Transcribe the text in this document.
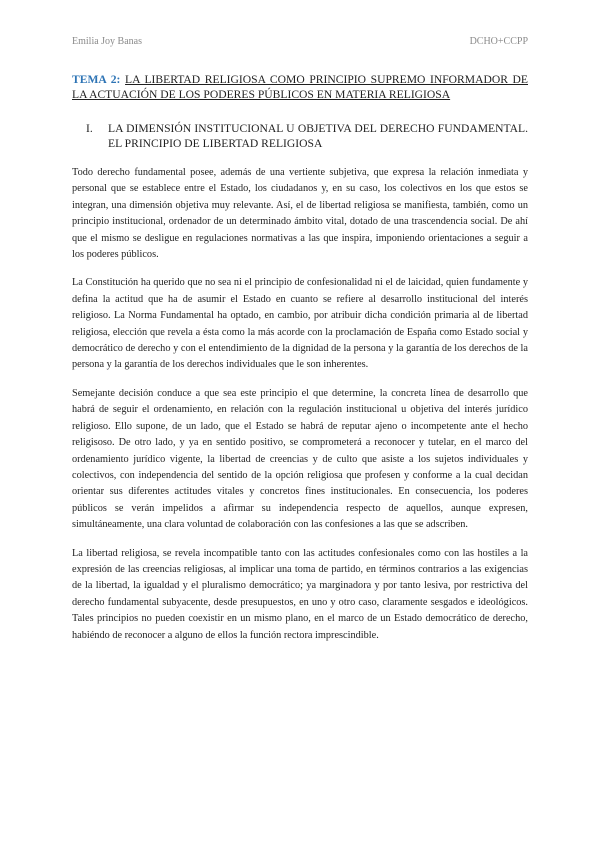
Emilia Joy Banas	DCHO+CCPP
TEMA 2: LA LIBERTAD RELIGIOSA COMO PRINCIPIO SUPREMO INFORMADOR DE LA ACTUACIÓN DE LOS PODERES PÚBLICOS EN MATERIA RELIGIOSA
I.	LA DIMENSIÓN INSTITUCIONAL U OBJETIVA DEL DERECHO FUNDAMENTAL. EL PRINCIPIO DE LIBERTAD RELIGIOSA

Todo derecho fundamental posee, además de una vertiente subjetiva, que expresa la relación inmediata y personal que se establece entre el Estado, los ciudadanos y, en su caso, los colectivos en los que estos se integran, una dimensión objetiva muy relevante. Así, el de libertad religiosa se manifiesta, también, como un principio institucional, ordenador de un determinado ámbito vital, dotado de una trascendencia social. De ahí que el mismo se desligue en regulaciones normativas a las que inspira, imponiendo orientaciones a seguir a los poderes públicos.

La Constitución ha querido que no sea ni el principio de confesionalidad ni el de laicidad, quien fundamente y defina la actitud que ha de asumir el Estado en cuanto se refiere al desarrollo institucional del interés religioso. La Norma Fundamental ha optado, en cambio, por atribuir dicha condición primaria al de libertad religiosa, elección que revela a ésta como la más acorde con la proclamación de España como Estado social y democrático de derecho y con el entendimiento de la dignidad de la persona y la garantía de los derechos de la persona y la garantía de los derechos individuales que le son inherentes.

Semejante decisión conduce a que sea este principio el que determine, la concreta línea de desarrollo que habrá de seguir el ordenamiento, en relación con la regulación institucional u objetiva del interés jurídico religioso. Ello supone, de un lado, que el Estado se habrá de reputar ajeno o incompetente ante el hecho religisoso. De otro lado, y ya en sentido positivo, se comprometerá a reconocer y tutelar, en el marco del ordenamiento jurídico vigente, la libertad de creencias y de culto que asiste a los sujetos individuales y colectivos, con independencia del sentido de la opción religiosa que profesen y conforme a la cual decidan orientar sus diferentes actitudes vitales y concretos fines institucionales. En consecuencia, los poderes públicos se verán impelidos a afirmar su independencia respecto de aquellos, aunque expresen, simultáneamente, una clara voluntad de colaboración con las confesiones a las que se adscriben.

La libertad religiosa, se revela incompatible tanto con las actitudes confesionales como con las hostiles a la expresión de las creencias religiosas, al implicar una toma de partido, en términos contrarios a las exigencias de la libertad, la igualdad y el pluralismo democrático; ya marginadora y por tanto lesiva, por restrictiva del derecho fundamental subyacente, desde presupuestos, en uno y otro caso, claramente sesgados e ideológicos. Tales principios no pueden coexistir en un mismo plano, en el marco de un Estado democrático de derecho, habiéndo de reconocer a alguno de ellos la función rectora imprescindible.
